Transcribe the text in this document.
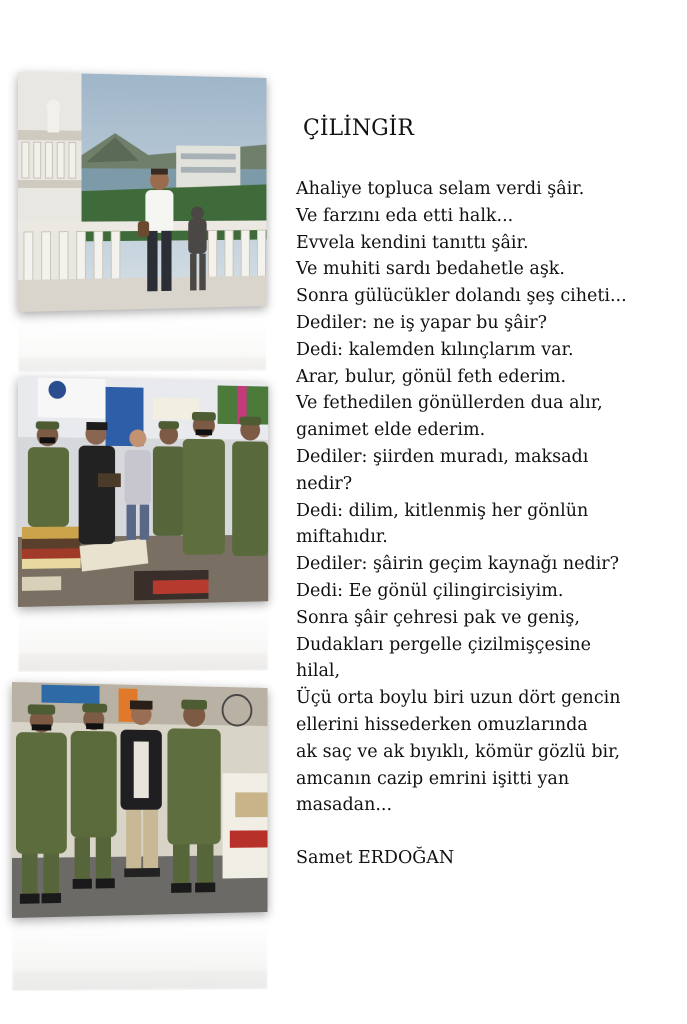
ÇİLİNGİR
Ahaliye topluca selam verdi şâir.
Ve farzını eda etti halk...
Evvela kendini tanıttı şâir.
Ve muhiti sardı bedahetle aşk.
Sonra gülücükler dolandı şeş ciheti...
Dediler: ne iş yapar bu şâir?
Dedi: kalemden kılınçlarım var.
Arar, bulur, gönül feth ederim.
Ve fethedilen gönüllerden dua alır,
ganimet elde ederim.
Dediler: şiirden muradı, maksadı
nedir?
Dedi: dilim, kitlenmiş her gönlün
miftahıdır.
Dediler: şâirin geçim kaynağı nedir?
Dedi: Ee gönül çilingircisiyim.
Sonra şâir çehresi pak ve geniş,
Dudakları pergelle çizilmişçesine
hilal,
Üçü orta boylu biri uzun dört gencin
ellerini hissederken omuzlarında
ak saç ve ak bıyıklı, kömür gözlü bir,
amcanın cazip emrini işitti yan
masadan...
Samet ERDOĞAN
